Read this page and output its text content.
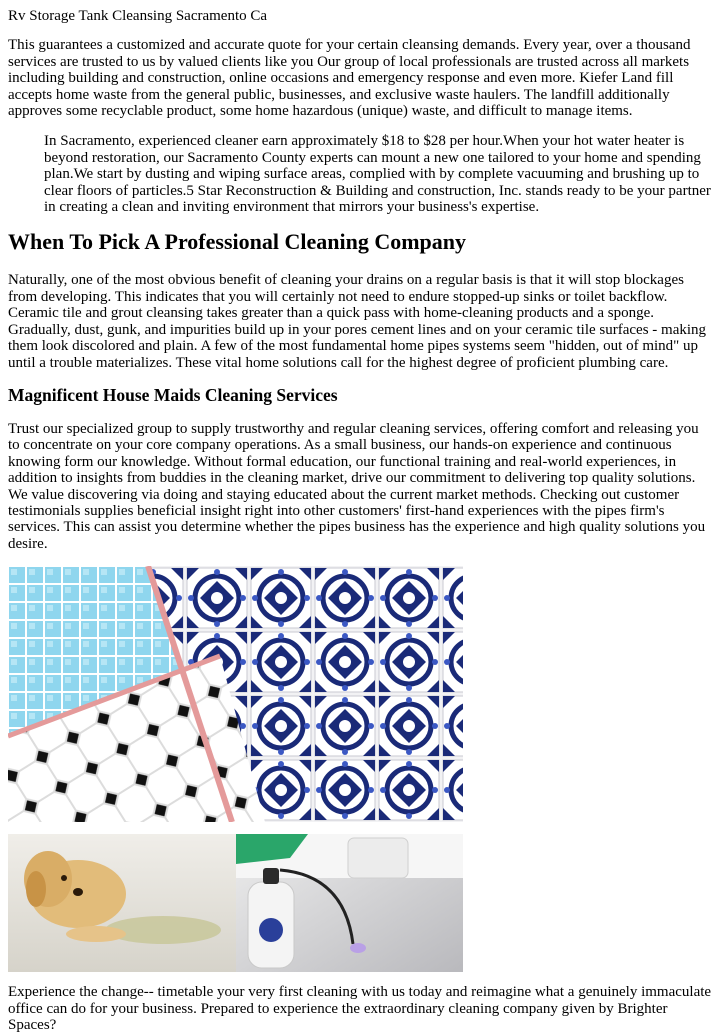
Rv Storage Tank Cleansing Sacramento Ca

This guarantees a customized and accurate quote for your certain cleansing demands. Every year, over a thousand services are trusted to us by valued clients like you Our group of local professionals are trusted across all markets including building and construction, online occasions and emergency response and even more. Kiefer Land fill accepts home waste from the general public, businesses, and exclusive waste haulers. The landfill additionally approves some recyclable product, some home hazardous (unique) waste, and difficult to manage items.

In Sacramento, experienced cleaner earn approximately $18 to $28 per hour.When your hot water heater is beyond restoration, our Sacramento County experts can mount a new one tailored to your home and spending plan.We start by dusting and wiping surface areas, complied with by complete vacuuming and brushing up to clear floors of particles.5 Star Reconstruction & Building and construction, Inc. stands ready to be your partner in creating a clean and inviting environment that mirrors your business's expertise.
When To Pick A Professional Cleaning Company

Naturally, one of the most obvious benefit of cleaning your drains on a regular basis is that it will stop blockages from developing. This indicates that you will certainly not need to endure stopped-up sinks or toilet backflow. Ceramic tile and grout cleansing takes greater than a quick pass with home-cleaning products and a sponge. Gradually, dust, gunk, and impurities build up in your pores cement lines and on your ceramic tile surfaces - making them look discolored and plain. A few of the most fundamental home pipes systems seem "hidden, out of mind" up until a trouble materializes. These vital home solutions call for the highest degree of proficient plumbing care.

Magnificent House Maids Cleaning Services

Trust our specialized group to supply trustworthy and regular cleaning services, offering comfort and releasing you to concentrate on your core company operations. As a small business, our hands-on experience and continuous knowing form our knowledge. Without formal education, our functional training and real-world experiences, in addition to insights from buddies in the cleaning market, drive our commitment to delivering top quality solutions. We value discovering via doing and staying educated about the current market methods. Checking out customer testimonials supplies beneficial insight right into other customers' first-hand experiences with the pipes firm's services. This can assist you determine whether the pipes business has the experience and high quality solutions you desire.

Experience the change-- timetable your very first cleaning with us today and reimagine what a genuinely immaculate office can do for your business. Prepared to experience the extraordinary cleaning company given by Brighter Spaces?
